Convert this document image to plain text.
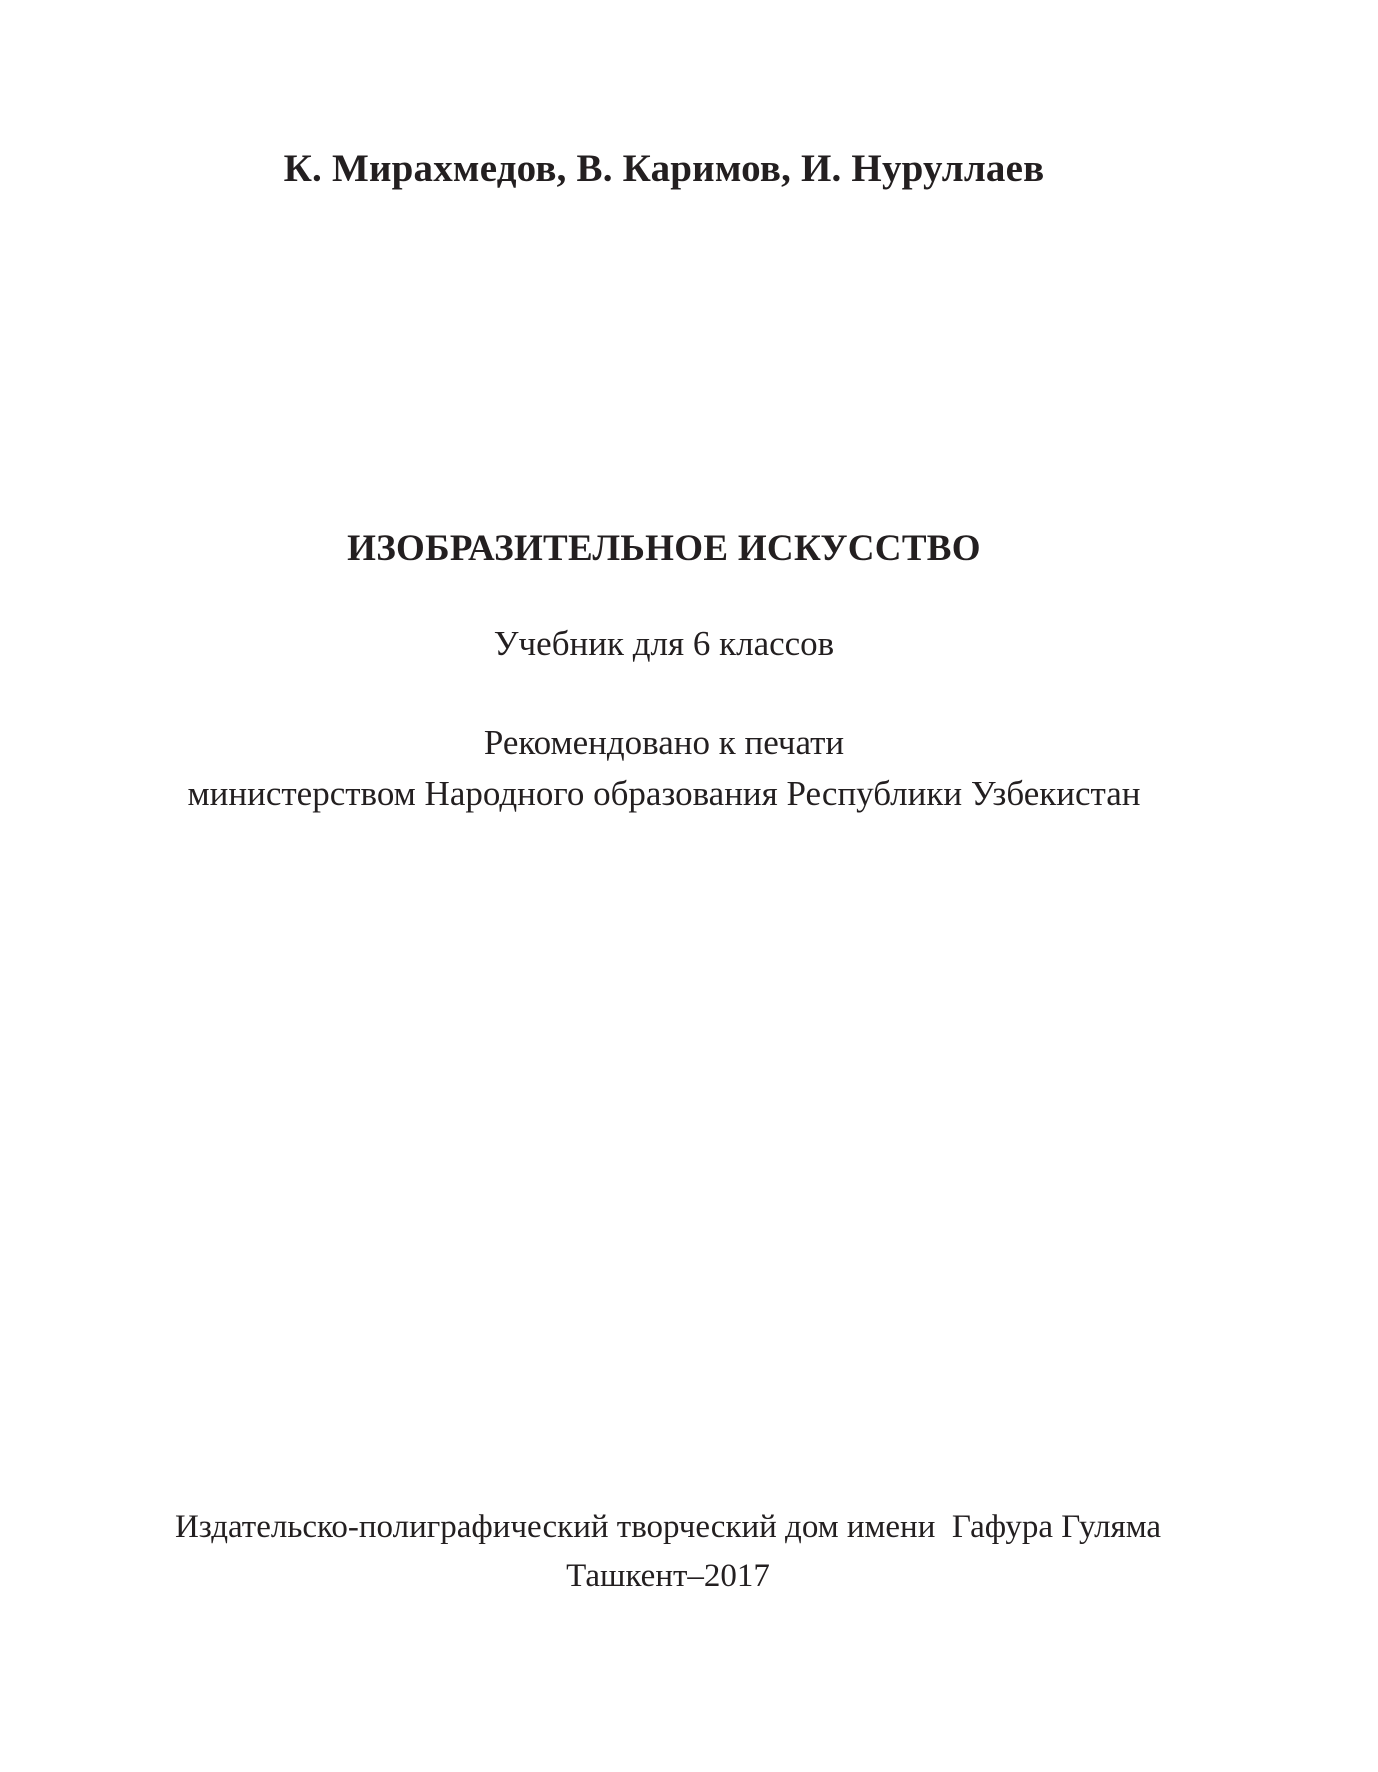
К. Мирахмедов, В. Каримов, И. Нуруллаев
ИЗОБРАЗИТЕЛЬНОЕ ИСКУССТВО
Учебник для 6 классов
Рекомендовано к печати
министерством Народного образования Республики Узбекистан
Издательско-полиграфический творческий дом имени  Гафура Гуляма
Ташкент–2017
